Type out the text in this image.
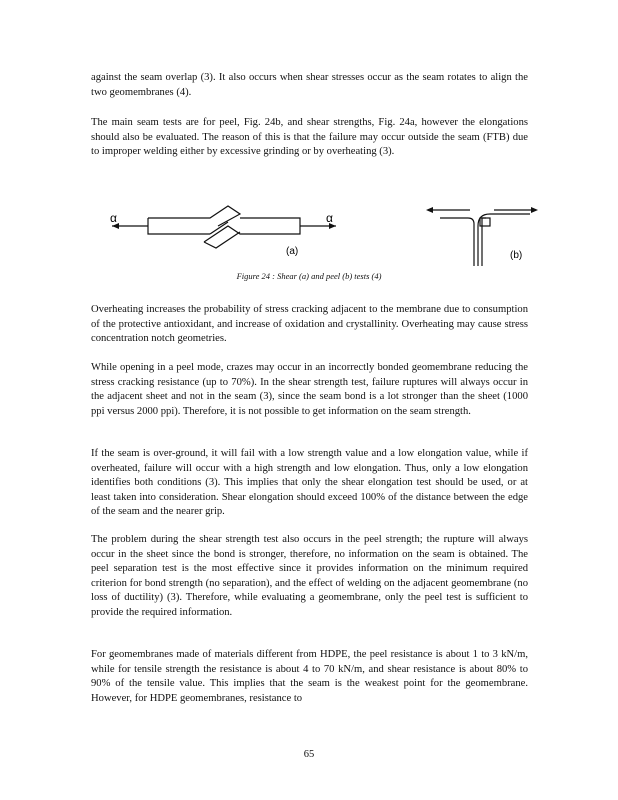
against the seam overlap (3). It also occurs when shear stresses occur as the seam rotates to align the two geomembranes (4).

The main seam tests are for peel, Fig. 24b, and shear strengths, Fig. 24a, however the elongations should also be evaluated. The reason of this is that the failure may occur outside the seam (FTB) due to improper welding either by excessive grinding or by overheating (3).

α	α
(a)	(b)
Figure 24 : Shear (a) and peel (b) tests (4)

Overheating increases the probability of stress cracking adjacent to the membrane due to consumption of the protective antioxidant, and increase of oxidation and crystallinity. Overheating may cause stress concentration notch geometries.

While opening in a peel mode, crazes may occur in an incorrectly bonded geomembrane reducing the stress cracking resistance (up to 70%). In the shear strength test, failure ruptures will always occur in the adjacent sheet and not in the seam (3), since the seam bond is a lot stronger than the sheet (1000 ppi versus 2000 ppi). Therefore, it is not possible to get information on the seam strength.

If the seam is over-ground, it will fail with a low strength value and a low elongation value, while if overheated, failure will occur with a high strength and low elongation. Thus, only a low elongation identifies both conditions (3). This implies that only the shear elongation test should be used, or at least taken into consideration. Shear elongation should exceed 100% of the distance between the edge of the seam and the nearer grip.

The problem during the shear strength test also occurs in the peel strength; the rupture will always occur in the sheet since the bond is stronger, therefore, no information on the seam is obtained. The peel separation test is the most effective since it provides information on the minimum required criterion for bond strength (no separation), and the effect of welding on the adjacent geomembrane (no loss of ductility) (3). Therefore, while evaluating a geomembrane, only the peel test is sufficient to provide the required information.

For geomembranes made of materials different from HDPE, the peel resistance is about 1 to 3 kN/m, while for tensile strength the resistance is about 4 to 70 kN/m, and shear resistance is about 80% to 90% of the tensile value. This implies that the seam is the weakest point for the geomembrane. However, for HDPE geomembranes, resistance to

65
